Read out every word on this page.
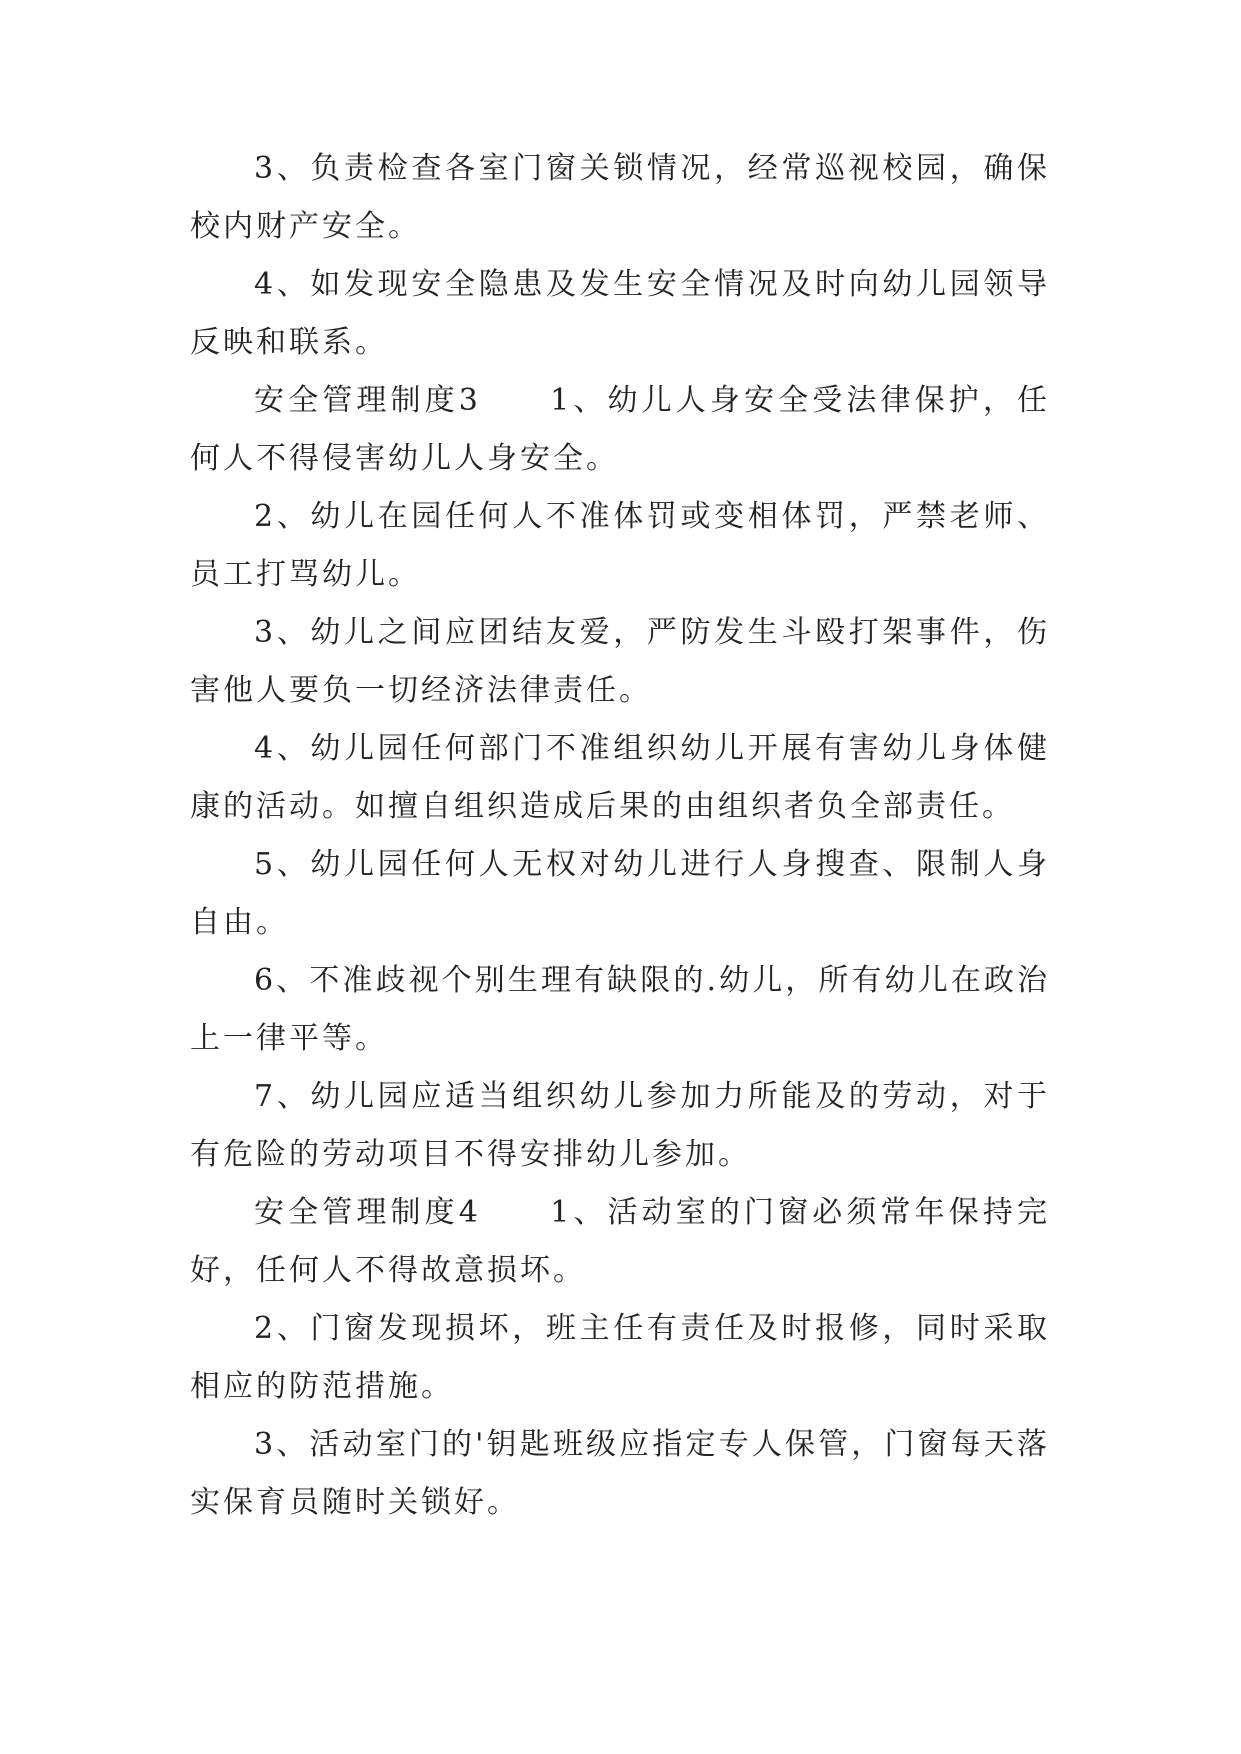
3、负责检查各室门窗关锁情况，经常巡视校园，确保校内财产安全。

4、如发现安全隐患及发生安全情况及时向幼儿园领导反映和联系。

安全管理制度3　　1、幼儿人身安全受法律保护，任何人不得侵害幼儿人身安全。

2、幼儿在园任何人不准体罚或变相体罚，严禁老师、员工打骂幼儿。

3、幼儿之间应团结友爱，严防发生斗殴打架事件，伤害他人要负一切经济法律责任。

4、幼儿园任何部门不准组织幼儿开展有害幼儿身体健康的活动。如擅自组织造成后果的由组织者负全部责任。

5、幼儿园任何人无权对幼儿进行人身搜查、限制人身自由。

6、不准歧视个别生理有缺限的.幼儿，所有幼儿在政治上一律平等。

7、幼儿园应适当组织幼儿参加力所能及的劳动，对于有危险的劳动项目不得安排幼儿参加。

安全管理制度4　　1、活动室的门窗必须常年保持完好，任何人不得故意损坏。

2、门窗发现损坏，班主任有责任及时报修，同时采取相应的防范措施。

3、活动室门的'钥匙班级应指定专人保管，门窗每天落实保育员随时关锁好。
